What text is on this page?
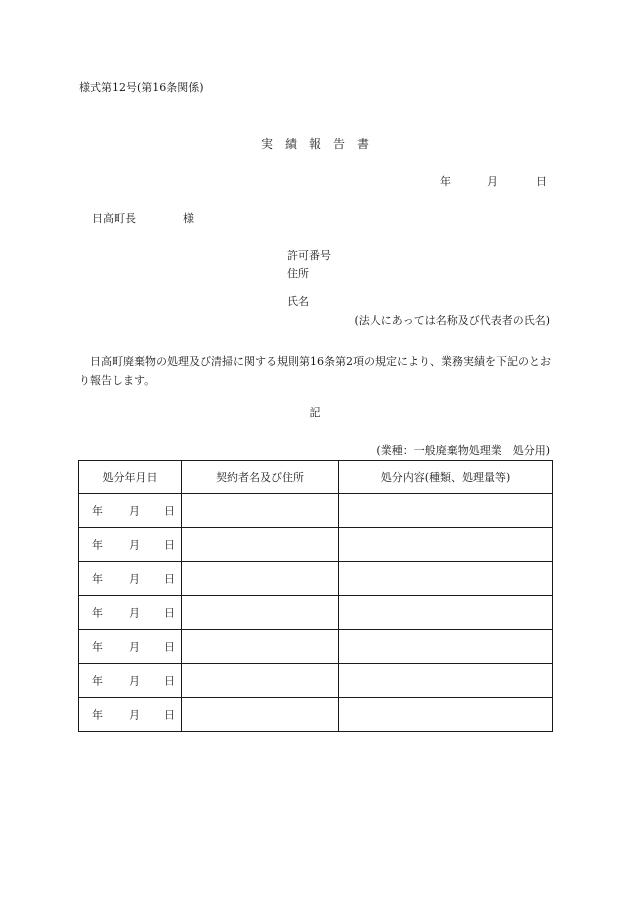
様式第12号(第16条関係)
実　績　報　告　書
年	月	日
日高町長	様
許可番号
住所
氏名
(法人にあっては名称及び代表者の氏名)
日高町廃棄物の処理及び清掃に関する規則第16条第2項の規定により、業務実績を下記のとおり報告します。
記
(業種：一般廃棄物処理業　処分用)
処分年月日	契約者名及び住所	処分内容(種類、処理量等)

年 月 日		

年 月 日		

年 月 日		

年 月 日		

年 月 日		

年 月 日		

年 月 日		
